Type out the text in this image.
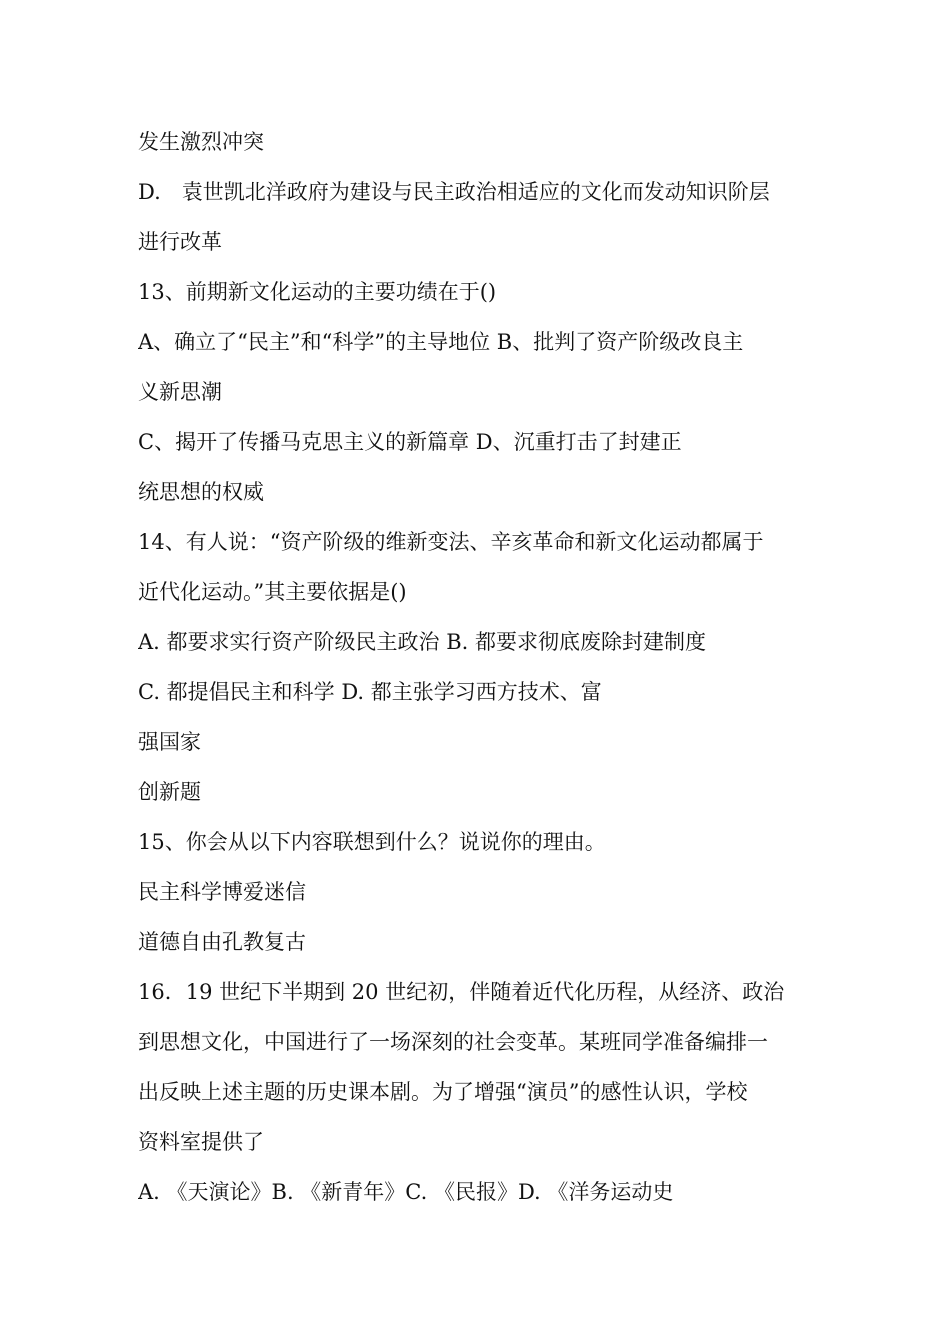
发生激烈冲突
D.　袁世凯北洋政府为建设与民主政治相适应的文化而发动知识阶层
进行改革
13、前期新文化运动的主要功绩在于()
A、确立了“民主”和“科学”的主导地位 B、批判了资产阶级改良主
义新思潮
C、揭开了传播马克思主义的新篇章 D、沉重打击了封建正
统思想的权威
14、有人说：“资产阶级的维新变法、辛亥革命和新文化运动都属于
近代化运动。”其主要依据是()
A. 都要求实行资产阶级民主政治 B. 都要求彻底废除封建制度
C. 都提倡民主和科学 D. 都主张学习西方技术、富
强国家
创新题
15、你会从以下内容联想到什么？说说你的理由。
民主科学博爱迷信
道德自由孔教复古
16．19 世纪下半期到 20 世纪初，伴随着近代化历程，从经济、政治
到思想文化，中国进行了一场深刻的社会变革。某班同学准备编排一
出反映上述主题的历史课本剧。为了增强“演员”的感性认识，学校
资料室提供了
A. 《天演论》B. 《新青年》C. 《民报》D. 《洋务运动史
